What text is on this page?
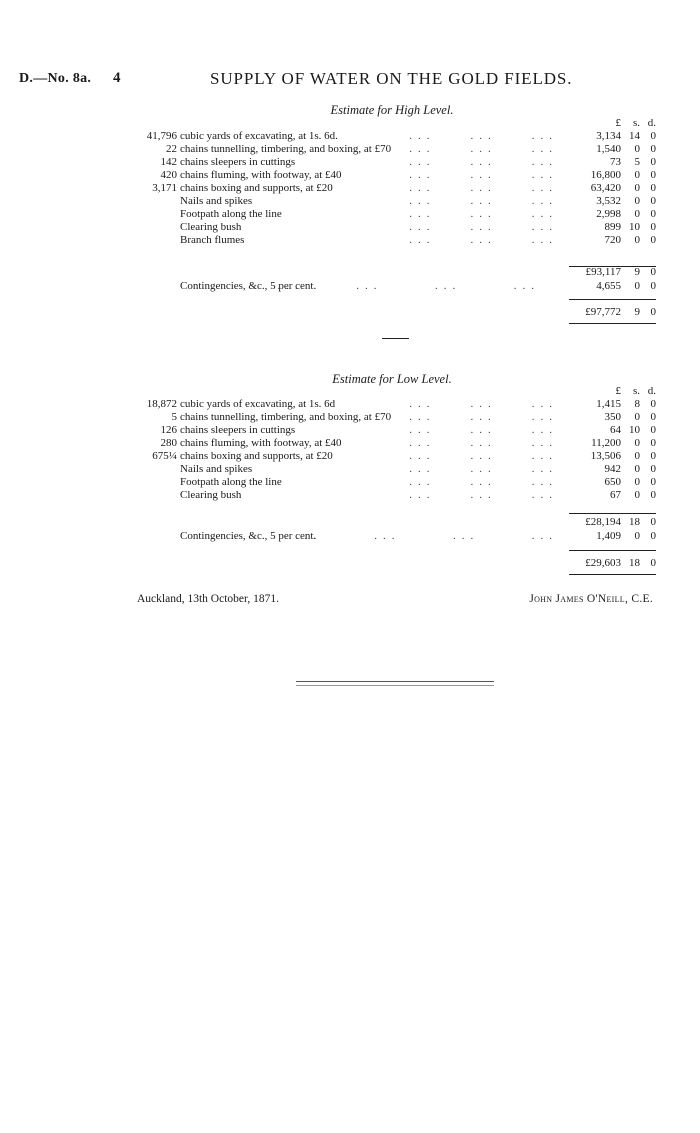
D.—No. 8a. 4	SUPPLY OF WATER ON THE GOLD FIELDS.
Estimate for High Level.
£ s. d.
41,796 cubic yards of excavating, at 1s. 6d.	3,134 14 0
...    ...    ...
22 chains tunnelling, timbering, and boxing, at £70	1,540 0 0
...    ...    ...
142 chains sleepers in cuttings	73 5 0
...    ...    ...
420 chains fluming, with footway, at £40	16,800 0 0
...    ...    ...
3,171 chains boxing and supports, at £20	63,420 0 0
...    ...    ...
Nails and spikes	3,532 0 0
...    ...    ...
Footpath along the line	2,998 0 0
...    ...    ...
Clearing bush	899 10 0
...    ...    ...
Branch flumes	720 0 0
...    ...    ...
£93,117 9 0
Contingencies, &c., 5 per cent.
...      ...      ...      ...	4,655 0 0
£97,772 9 0
Estimate for Low Level.
£ s. d.
18,872 cubic yards of excavating, at 1s. 6d	1,415 8 0
...    ...    ...
5 chains tunnelling, timbering, and boxing, at £70	350 0 0
...    ...    ...
126 chains sleepers in cuttings	64 10 0
...    ...    ...
280 chains fluming, with footway, at £40	11,200 0 0
...    ...    ...
675¼ chains boxing and supports, at £20	13,506 0 0
...    ...    ...
Nails and spikes	942 0 0
...    ...    ...
Footpath along the line	650 0 0
...    ...    ...
Clearing bush	67 0 0
...    ...    ...
£28,194 18 0
Contingencies, &c., 5 per cent.
...      ...      ...      ...	1,409 0 0
£29,603 18 0
Auckland, 13th October, 1871.	John James O'Neill, C.E.
